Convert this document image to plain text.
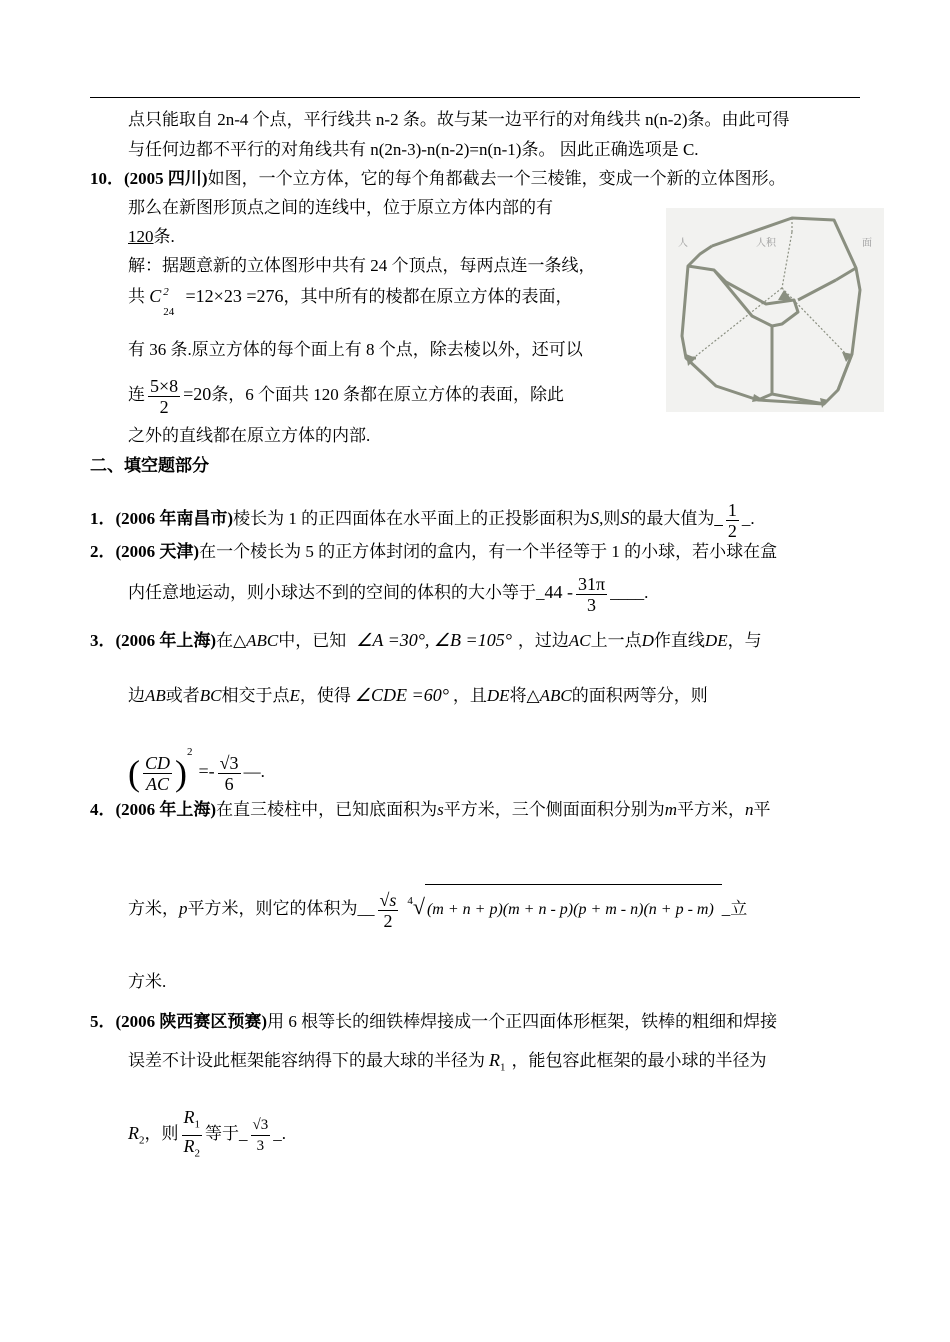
点只能取自 2n-4 个点，平行线共 n-2 条。故与某一边平行的对角线共 n(n-2)条。由此可得
与任何边都不平行的对角线共有 n(2n-3)-n(n-2)=n(n-1)条。 因此正确选项是 C.
10．(2005 四川)如图，一个立方体，它的每个角都截去一个三棱锥，变成一个新的立体图形。
那么在新图形顶点之间的连线中，位于原立方体内部的有
120条.
解：据题意新的立体图形中共有 24 个顶点，每两点连一条线，
共 C 2
24
=12×23 =276，其中所有的棱都在原立方体的表面，
有 36 条.原立方体的每个面上有 8 个点，除去棱以外，还可以
连 $\frac{5\times 8}{2} =20$条，6 个面共 120 条都在原立方体的表面，除此
之外的直线都在原立方体的内部.
人	人积	面
二、填空题部分
1．(2006 年南昌市)棱长为 1 的正四面体在水平面上的正投影面积为S,则S的最大值为_ $\frac{1}{2}$ _.
2．(2006 天津)在一个棱长为 5 的正方体封闭的盒内，有一个半径等于 1 的小球，若小球在盒
内任意地运动，则小球达不到的空间的体积的大小等于_44 - $\frac{31\pi}{3}$ ____.
3．(2006 年上海)在△ABC中，已知 ∠A =30°, ∠B =105° ，过边AC上一点D作直线DE，与
边AB或者BC相交于点E，使得 ∠CDE =60° ，且DE将△ABC的面积两等分，则
( $\frac{CD}{AC} )^2=- \frac{√3}{6}$ —.
4．(2006 年上海)在直三棱柱中，已知底面积为s平方米，三个侧面面积分别为m平方米，n平
方米，p平方米，则它的体积为__ $\frac{√s}{2} ^4√$ (m + n + p)(m + n - p)(p + m - n)(n + p - m) _立
方米.
5．(2006 陕西赛区预赛)用 6 根等长的细铁棒焊接成一个正四面体形框架，铁棒的粗细和焊接
误差不计设此框架能容纳得下的最大球的半径为 $R_1$ ，能包容此框架的最小球的半径为
$R_2$，则 $\frac{R_1}{R_2}$ 等于_ $\frac{√3}{3}$ _.
